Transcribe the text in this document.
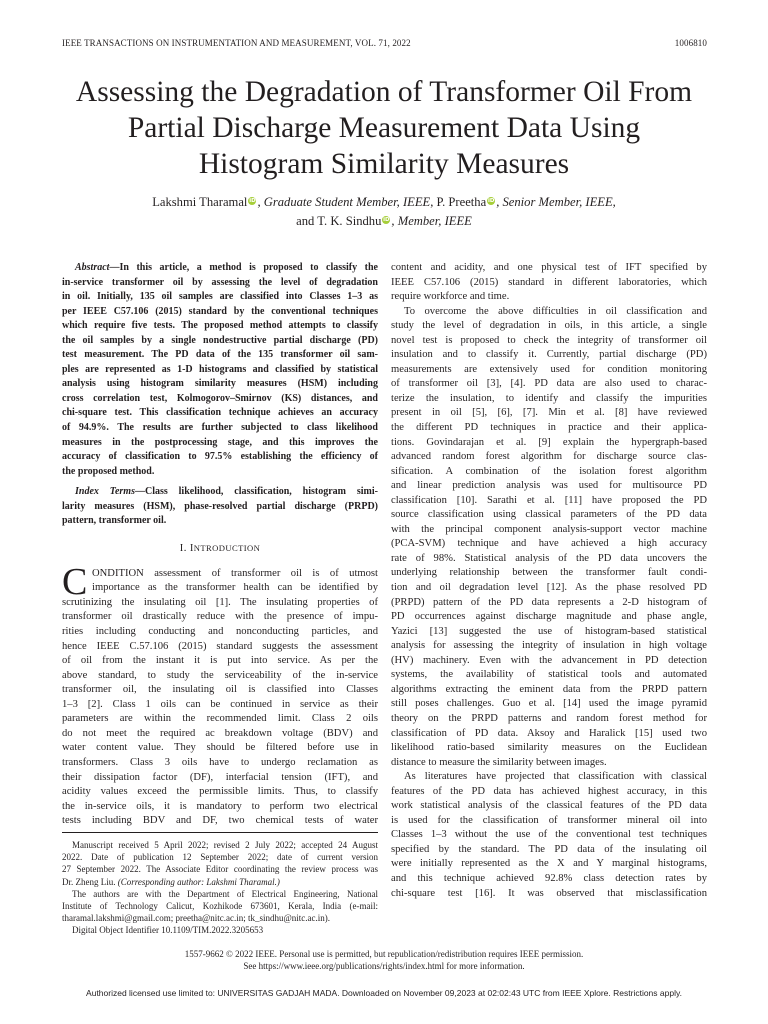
IEEE TRANSACTIONS ON INSTRUMENTATION AND MEASUREMENT, VOL. 71, 2022	1006810
Assessing the Degradation of Transformer Oil From
Partial Discharge Measurement Data Using
Histogram Similarity Measures
Lakshmi Tharamal iD , Graduate Student Member, IEEE, P. Preetha iD , Senior Member, IEEE,
and T. K. Sindhu iD , Member, IEEE
Abstract—In this article, a method is proposed to classify the
in-service transformer oil by assessing the level of degradation
in oil. Initially, 135 oil samples are classified into Classes 1–3 as
per IEEE C57.106 (2015) standard by the conventional techniques
which require five tests. The proposed method attempts to classify
the oil samples by a single nondestructive partial discharge (PD)
test measurement. The PD data of the 135 transformer oil sam-
ples are represented as 1-D histograms and classified by statistical
analysis using histogram similarity measures (HSM) including
cross correlation test, Kolmogorov–Smirnov (KS) distances, and
chi-square test. This classification technique achieves an accuracy
of 94.9%. The results are further subjected to class likelihood
measures in the postprocessing stage, and this improves the
accuracy of classification to 97.5% establishing the efficiency of
the proposed method.
Index Terms—Class likelihood, classification, histogram simi-
larity measures (HSM), phase-resolved partial discharge (PRPD)
pattern, transformer oil.
I. INTRODUCTION
C ONDITION assessment of transformer oil is of utmost
importance as the transformer health can be identified by
scrutinizing the insulating oil [1]. The insulating properties of
transformer oil drastically reduce with the presence of impu-
rities including conducting and nonconducting particles, and
hence IEEE C.57.106 (2015) standard suggests the assessment
of oil from the instant it is put into service. As per the
above standard, to study the serviceability of the in-service
transformer oil, the insulating oil is classified into Classes
1–3 [2]. Class 1 oils can be continued in service as their
parameters are within the recommended limit. Class 2 oils
do not meet the required ac breakdown voltage (BDV) and
water content value. They should be filtered before use in
transformers. Class 3 oils have to undergo reclamation as
their dissipation factor (DF), interfacial tension (IFT), and
acidity values exceed the permissible limits. Thus, to classify
the in-service oils, it is mandatory to perform two electrical
tests including BDV and DF, two chemical tests of water
Manuscript received 5 April 2022; revised 2 July 2022; accepted 24 August
2022. Date of publication 12 September 2022; date of current version
27 September 2022. The Associate Editor coordinating the review process was
Dr. Zheng Liu. (Corresponding author: Lakshmi Tharamal.)
The authors are with the Department of Electrical Engineering, National
Institute of Technology Calicut, Kozhikode 673601, Kerala, India (e-mail:
tharamal.lakshmi@gmail.com; preetha@nitc.ac.in; tk_sindhu@nitc.ac.in).
Digital Object Identifier 10.1109/TIM.2022.3205653
content and acidity, and one physical test of IFT specified by
IEEE C57.106 (2015) standard in different laboratories, which
require workforce and time.
To overcome the above difficulties in oil classification and
study the level of degradation in oils, in this article, a single
novel test is proposed to check the integrity of transformer oil
insulation and to classify it. Currently, partial discharge (PD)
measurements are extensively used for condition monitoring
of transformer oil [3], [4]. PD data are also used to charac-
terize the insulation, to identify and classify the impurities
present in oil [5], [6], [7]. Min et al. [8] have reviewed
the different PD techniques in practice and their applica-
tions. Govindarajan et al. [9] explain the hypergraph-based
advanced random forest algorithm for discharge source clas-
sification. A combination of the isolation forest algorithm
and linear prediction analysis was used for multisource PD
classification [10]. Sarathi et al. [11] have proposed the PD
source classification using classical parameters of the PD data
with the principal component analysis-support vector machine
(PCA-SVM) technique and have achieved a high accuracy
rate of 98%. Statistical analysis of the PD data uncovers the
underlying relationship between the transformer fault condi-
tion and oil degradation level [12]. As the phase resolved PD
(PRPD) pattern of the PD data represents a 2-D histogram of
PD occurrences against discharge magnitude and phase angle,
Yazici [13] suggested the use of histogram-based statistical
analysis for assessing the integrity of insulation in high voltage
(HV) machinery. Even with the advancement in PD detection
systems, the availability of statistical tools and automated
algorithms extracting the eminent data from the PRPD pattern
still poses challenges. Guo et al. [14] used the image pyramid
theory on the PRPD patterns and random forest method for
classification of PD data. Aksoy and Haralick [15] used two
likelihood ratio-based similarity measures on the Euclidean
distance to measure the similarity between images.
As literatures have projected that classification with classical
features of the PD data has achieved highest accuracy, in this
work statistical analysis of the classical features of the PD data
is used for the classification of transformer mineral oil into
Classes 1–3 without the use of the conventional test techniques
specified by the standard. The PD data of the insulating oil
were initially represented as the X and Y marginal histograms,
and this technique achieved 92.8% class detection rates by
chi-square test [16]. It was observed that misclassification
1557-9662 © 2022 IEEE. Personal use is permitted, but republication/redistribution requires IEEE permission.
See https://www.ieee.org/publications/rights/index.html for more information.
Authorized licensed use limited to: UNIVERSITAS GADJAH MADA. Downloaded on November 09,2023 at 02:02:43 UTC from IEEE Xplore. Restrictions apply.
